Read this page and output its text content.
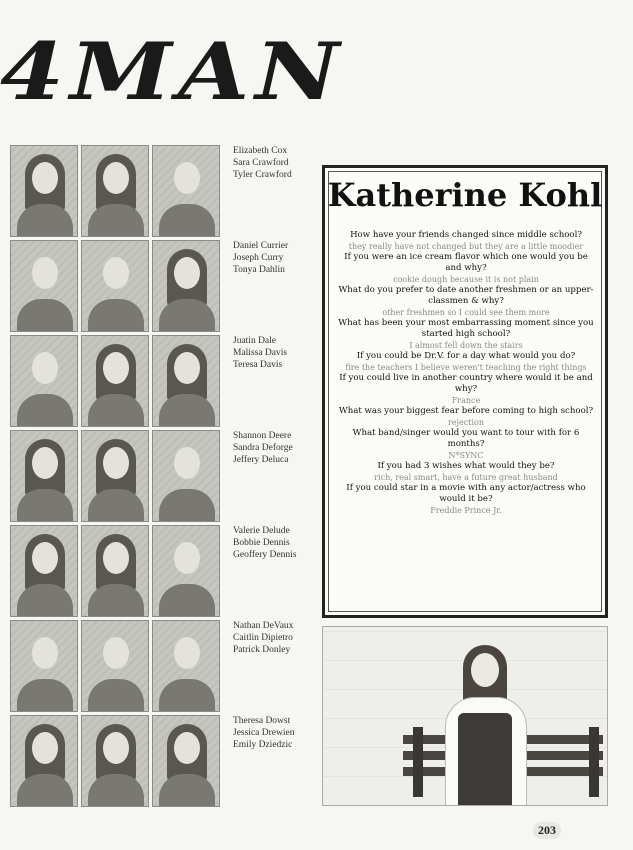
4MAN
Elizabeth Cox
Sara Crawford
Tyler Crawford
Daniel Currier
Joseph Curry
Tonya Dahlin
Juatin Dale
Malissa Davis
Teresa Davis
Shannon Deere
Sandra Deforge
Jeffery Deluca
Valerie Delude
Bobbie Dennis
Geoffery Dennis
Nathan DeVaux
Caitlin Dipietro
Patrick Donley
Theresa Dowst
Jessica Drewien
Emily Dziedzic
Katherine Kohl
How have your friends changed since middle school?
they really have not changed but they are a little moodier
If you were an ice cream flavor which one would you be and why?
cookie dough because it is not plain
What do you prefer to date another freshmen or an upper-classmen & why?
other freshmen so I could see them more
What has been your most embarrassing moment since you started high school?
I almost fell down the stairs
If you could be Dr.V. for a day what would you do?
fire the teachers I believe weren't teaching the right things
If you could live in another country where would it be and why?
France
What was your biggest fear before coming to high school?
rejection
What band/singer would you want to tour with for 6 months?
N*SYNC
If you had 3 wishes what would they be?
rich, real smart, have a future great husband
If you could star in a movie with any actor/actress who would it be?
Freddie Prince Jr.
203
